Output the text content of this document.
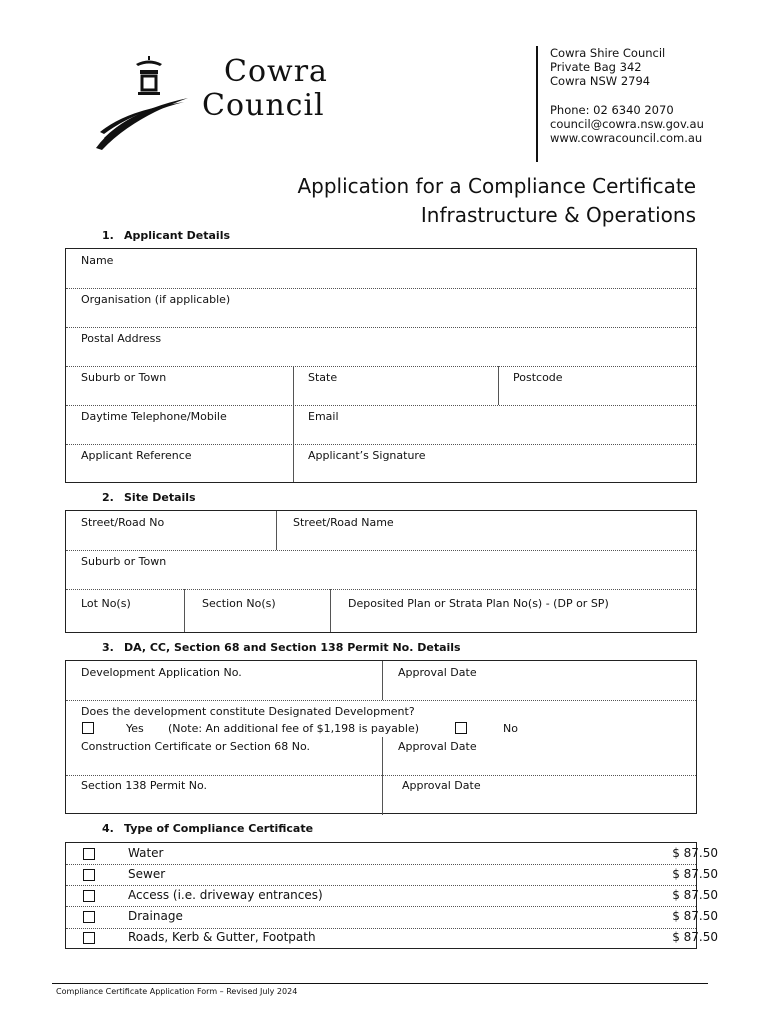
Cowra
Council
Cowra Shire Council
Private Bag 342
Cowra NSW 2794
Phone: 02 6340 2070
council@cowra.nsw.gov.au
www.cowracouncil.com.au
Application for a Compliance Certificate
Infrastructure & Operations
1. Applicant Details
Name
Organisation (if applicable)
Postal Address
Suburb or Town	State	Postcode
Daytime Telephone/Mobile	Email
Applicant Reference	Applicant’s Signature
2. Site Details
Street/Road No	Street/Road Name
Suburb or Town
Lot No(s)	Section No(s)	Deposited Plan or Strata Plan No(s) - (DP or SP)
3. DA, CC, Section 68 and Section 138 Permit No. Details
Development Application No.	Approval Date
Does the development constitute Designated Development?
Yes (Note: An additional fee of $1,198 is payable)	No
Construction Certificate or Section 68 No.	Approval Date
Section 138 Permit No.	Approval Date
4. Type of Compliance Certificate
Water	$ 87.50
Sewer	$ 87.50
Access (i.e. driveway entrances)	$ 87.50
Drainage	$ 87.50
Roads, Kerb & Gutter, Footpath	$ 87.50
Compliance Certificate Application Form – Revised July 2024
